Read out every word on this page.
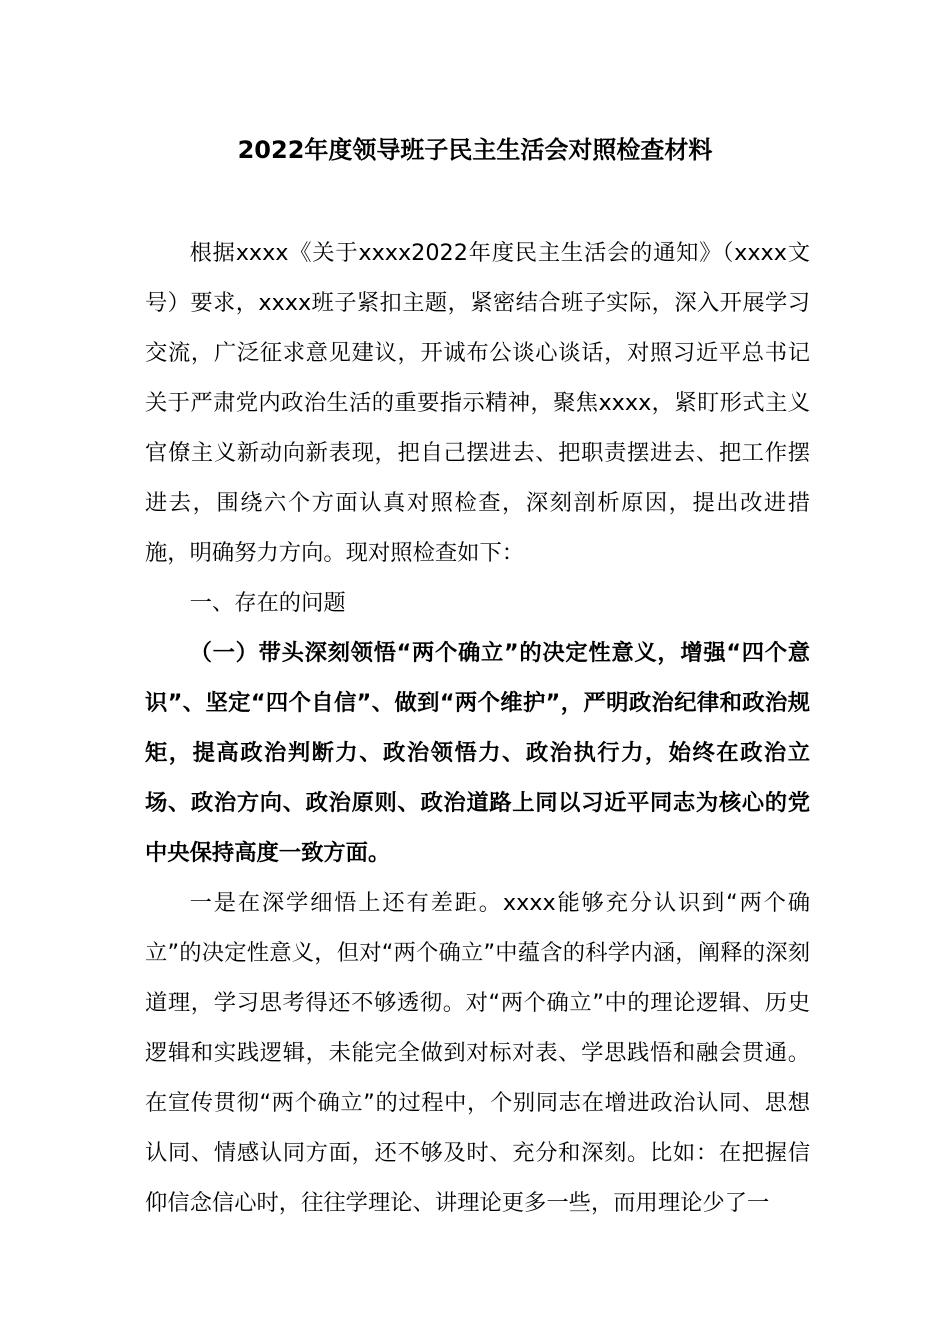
2022年度领导班子民主生活会对照检查材料

根据xxxx《关于xxxx2022年度民主生活会的通知》（xxxx文号）要求，xxxx班子紧扣主题，紧密结合班子实际，深入开展学习交流，广泛征求意见建议，开诚布公谈心谈话，对照习近平总书记关于严肃党内政治生活的重要指示精神，聚焦xxxx，紧盯形式主义官僚主义新动向新表现，把自己摆进去、把职责摆进去、把工作摆进去，围绕六个方面认真对照检查，深刻剖析原因，提出改进措施，明确努力方向。现对照检查如下：

一、存在的问题

（一）带头深刻领悟“两个确立”的决定性意义，增强“四个意识”、坚定“四个自信”、做到“两个维护”，严明政治纪律和政治规矩，提高政治判断力、政治领悟力、政治执行力，始终在政治立场、政治方向、政治原则、政治道路上同以习近平同志为核心的党中央保持高度一致方面。

一是在深学细悟上还有差距。xxxx能够充分认识到“两个确立”的决定性意义，但对“两个确立”中蕴含的科学内涵，阐释的深刻道理，学习思考得还不够透彻。对“两个确立”中的理论逻辑、历史逻辑和实践逻辑，未能完全做到对标对表、学思践悟和融会贯通。在宣传贯彻“两个确立”的过程中，个别同志在增进政治认同、思想认同、情感认同方面，还不够及时、充分和深刻。比如：在把握信仰信念信心时，往往学理论、讲理论更多一些，而用理论少了一
